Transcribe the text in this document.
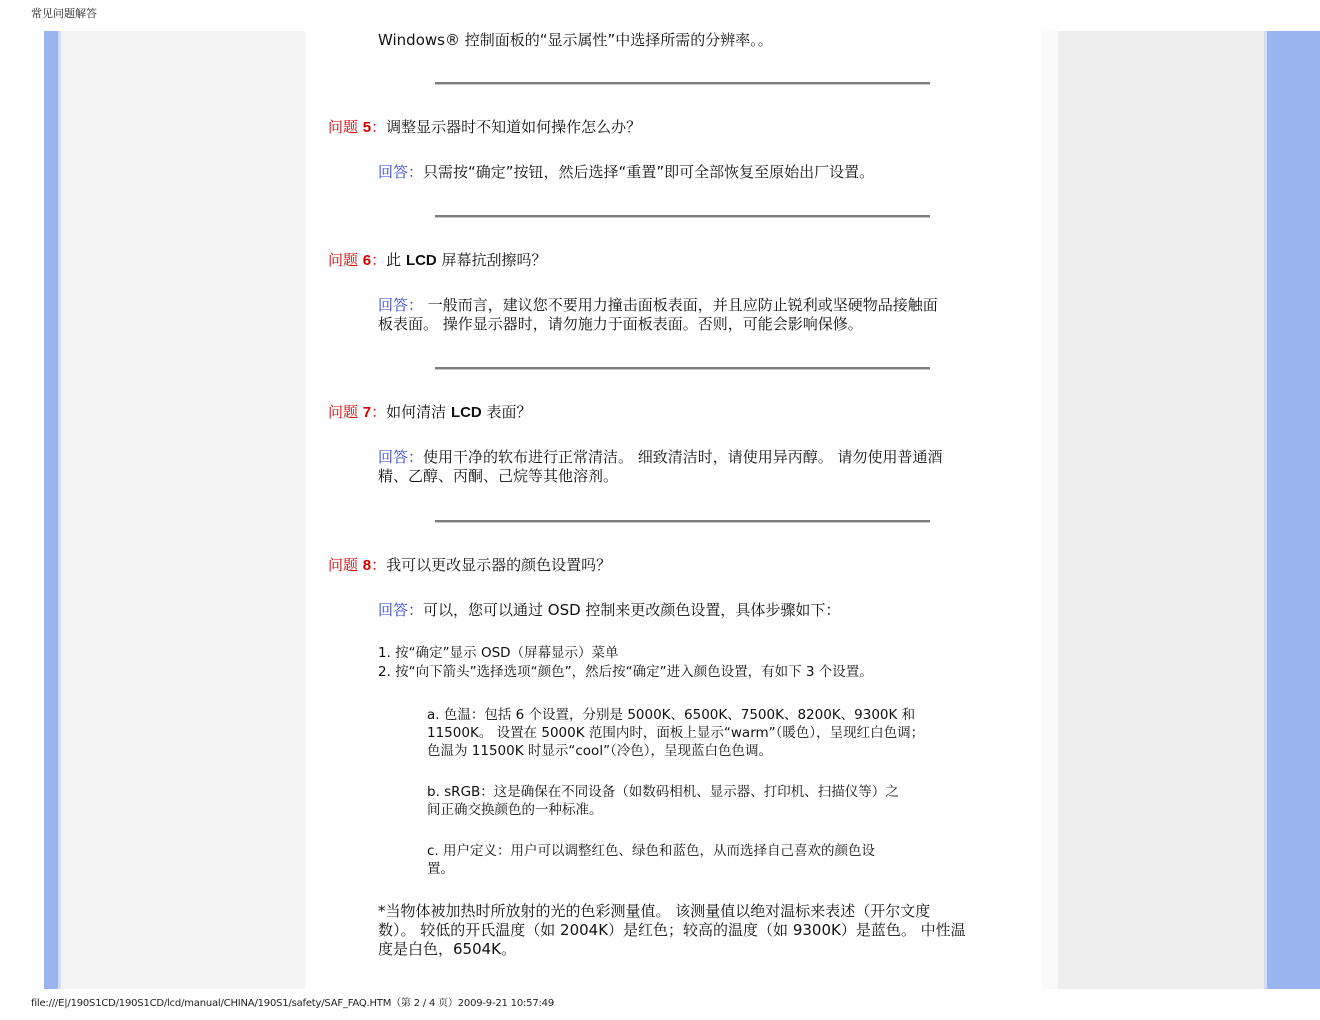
常见问题解答
Windows® 控制面板的“显示属性”中选择所需的分辨率。。
问题 5：调整显示器时不知道如何操作怎么办？
回答：只需按“确定”按钮，然后选择“重置”即可全部恢复至原始出厂设置。
问题 6：此 LCD 屏幕抗刮擦吗？
回答： 一般而言，建议您不要用力撞击面板表面，并且应防止锐利或坚硬物品接触面
板表面。 操作显示器时，请勿施力于面板表面。否则，可能会影响保修。
问题 7：如何清洁 LCD 表面？
回答：使用干净的软布进行正常清洁。 细致清洁时，请使用异丙醇。 请勿使用普通酒
精、乙醇、丙酮、己烷等其他溶剂。
问题 8：我可以更改显示器的颜色设置吗？
回答：可以，您可以通过 OSD 控制来更改颜色设置，具体步骤如下：
1. 按“确定”显示 OSD（屏幕显示）菜单
2. 按“向下箭头”选择选项“颜色”，然后按“确定”进入颜色设置，有如下 3 个设置。
a. 色温：包括 6 个设置，分别是 5000K、6500K、7500K、8200K、9300K 和
11500K。 设置在 5000K 范围内时，面板上显示“warm”（暖色），呈现红白色调；
色温为 11500K 时显示“cool”（冷色），呈现蓝白色色调。
b. sRGB：这是确保在不同设备（如数码相机、显示器、打印机、扫描仪等）之
间正确交换颜色的一种标准。
c. 用户定义：用户可以调整红色、绿色和蓝色，从而选择自己喜欢的颜色设
置。
*当物体被加热时所放射的光的色彩测量值。 该测量值以绝对温标来表述（开尔文度
数）。 较低的开氏温度（如 2004K）是红色；较高的温度（如 9300K）是蓝色。 中性温
度是白色，6504K。
file:///E|/190S1CD/190S1CD/lcd/manual/CHINA/190S1/safety/SAF_FAQ.HTM（第 2 / 4 页）2009-9-21 10:57:49
